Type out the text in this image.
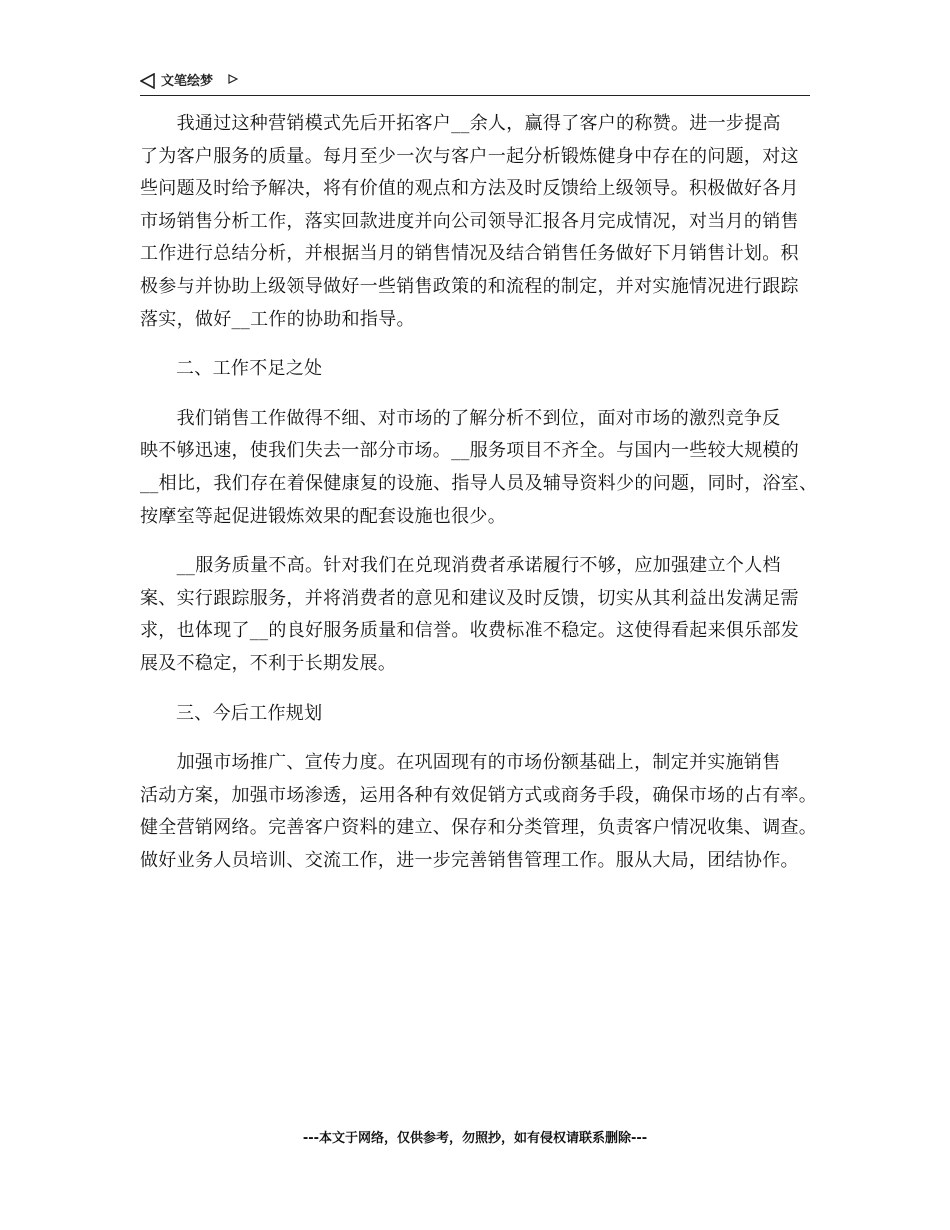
文笔绘梦

　　我通过这种营销模式先后开拓客户__余人，赢得了客户的称赞。进一步提高
了为客户服务的质量。每月至少一次与客户一起分析锻炼健身中存在的问题，对这
些问题及时给予解决，将有价值的观点和方法及时反馈给上级领导。积极做好各月
市场销售分析工作，落实回款进度并向公司领导汇报各月完成情况，对当月的销售
工作进行总结分析，并根据当月的销售情况及结合销售任务做好下月销售计划。积
极参与并协助上级领导做好一些销售政策的和流程的制定，并对实施情况进行跟踪
落实，做好__工作的协助和指导。

二、工作不足之处

　　我们销售工作做得不细、对市场的了解分析不到位，面对市场的激烈竞争反
映不够迅速，使我们失去一部分市场。__服务项目不齐全。与国内一些较大规模的
__相比，我们存在着保健康复的设施、指导人员及辅导资料少的问题，同时，浴室、
按摩室等起促进锻炼效果的配套设施也很少。

　　__服务质量不高。针对我们在兑现消费者承诺履行不够，应加强建立个人档
案、实行跟踪服务，并将消费者的意见和建议及时反馈，切实从其利益出发满足需
求，也体现了__的良好服务质量和信誉。收费标准不稳定。这使得看起来俱乐部发
展及不稳定，不利于长期发展。

三、今后工作规划

　　加强市场推广、宣传力度。在巩固现有的市场份额基础上，制定并实施销售
活动方案，加强市场渗透，运用各种有效促销方式或商务手段，确保市场的占有率。
健全营销网络。完善客户资料的建立、保存和分类管理，负责客户情况收集、调查。
做好业务人员培训、交流工作，进一步完善销售管理工作。服从大局，团结协作。

---本文于网络，仅供参考，勿照抄，如有侵权请联系删除---
